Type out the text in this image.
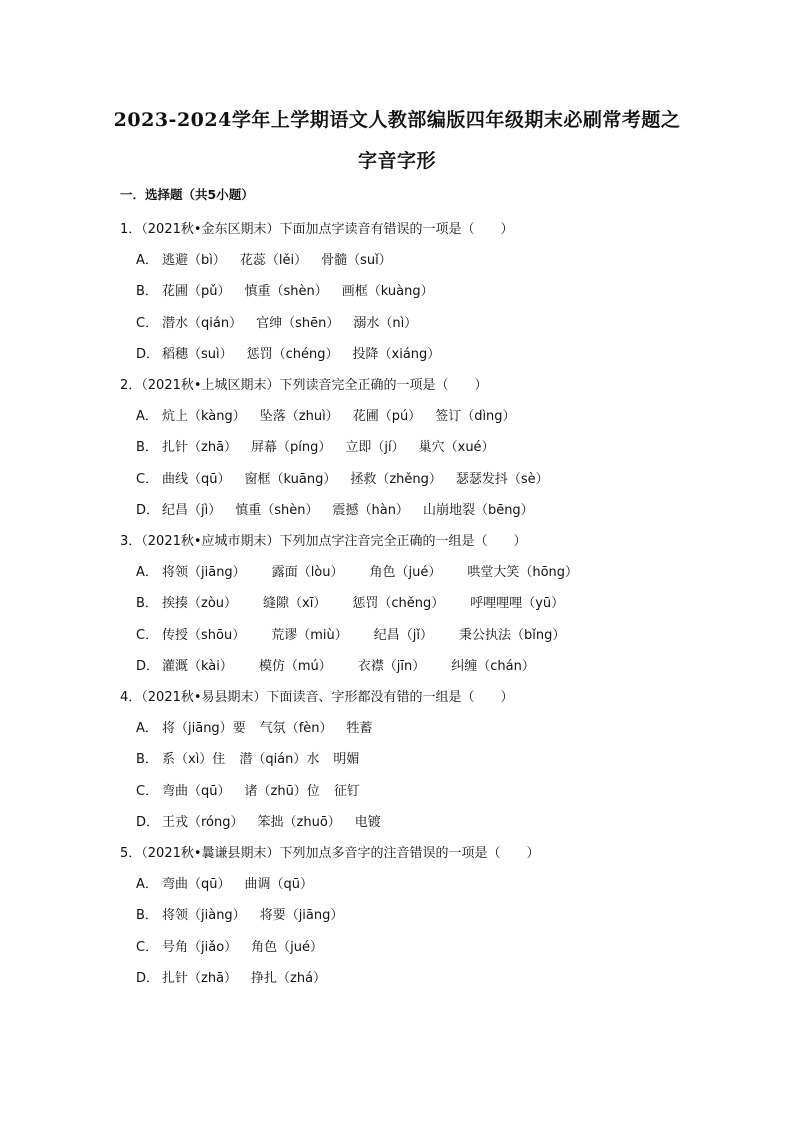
2023-2024学年上学期语文人教部编版四年级期末必刷常考题之
字音字形
一．选择题（共5小题）
1．（2021秋•金东区期末）下面加点字读音有错误的一项是（　　）
A． 逃避（bì） 花蕊（lěi） 骨髓（suǐ）
B． 花圃（pǔ） 慎重（shèn） 画框（kuàng）
C． 潜水（qián） 官绅（shēn） 溺水（nì）
D． 稻穗（suì） 惩罚（chéng） 投降（xiáng）
2．（2021秋•上城区期末）下列读音完全正确的一项是（　　）
A． 炕上（kàng） 坠落（zhuì） 花圃（pú） 签订（dìng）
B． 扎针（zhā） 屏幕（píng） 立即（jí） 巢穴（xué）
C． 曲线（qū） 窗框（kuāng） 拯救（zhěng） 瑟瑟发抖（sè）
D． 纪昌（jì） 慎重（shèn） 震撼（hàn） 山崩地裂（bēng）
3．（2021秋•应城市期末）下列加点字注音完全正确的一组是（　　）
A． 将领（jiāng） 露面（lòu） 角色（jué） 哄堂大笑（hōng）
B． 挨揍（zòu） 缝隙（xī） 惩罚（chěng） 呼哩哩哩（yū）
C． 传授（shōu） 荒谬（miù） 纪昌（jǐ） 秉公执法（bǐng）
D． 灌溉（kài） 模仿（mú） 衣襟（jīn） 纠缠（chán）
4．（2021秋•易县期末）下面读音、字形都没有错的一组是（　　）
A． 将（jiāng）要 气氛（fèn） 牲蓄
B． 系（xì）住 潜（qián）水 明媚
C． 弯曲（qū） 诸（zhū）位 征钉
D． 王戎（róng） 笨拙（zhuō） 电镀
5．（2021秋•曩谦县期末）下列加点多音字的注音错误的一项是（　　）
A． 弯曲（qū） 曲调（qū）
B． 将领（jiàng） 将要（jiāng）
C． 号角（jiǎo） 角色（jué）
D． 扎针（zhā） 挣扎（zhá）
